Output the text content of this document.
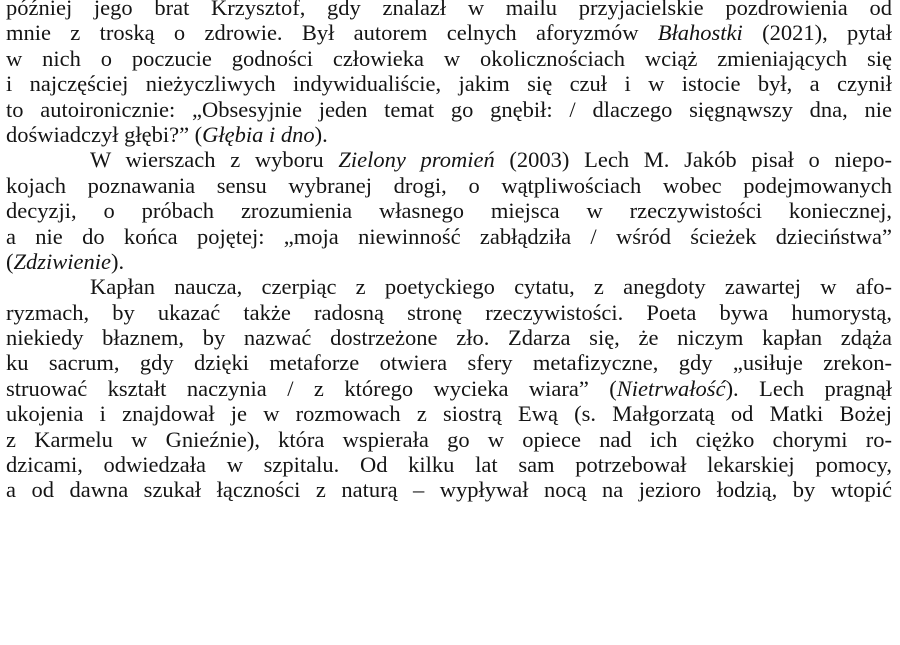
później jego brat Krzysztof, gdy znalazł w mailu przyjacielskie pozdrowienia od
mnie z troską o zdrowie. Był autorem celnych aforyzmów Błahostki (2021), pytał
w nich o poczucie godności człowieka w okolicznościach wciąż zmieniających się
i najczęściej nieżyczliwych indywidualiście, jakim się czuł i w istocie był, a czynił
to autoironicznie: „Obsesyjnie jeden temat go gnębił: / dlaczego sięgnąwszy dna, nie
doświadczył głębi?” (Głębia i dno).
W wierszach z wyboru Zielony promień (2003) Lech M. Jakób pisał o niepo-
kojach poznawania sensu wybranej drogi, o wątpliwościach wobec podejmowanych
decyzji, o próbach zrozumienia własnego miejsca w rzeczywistości koniecznej,
a nie do końca pojętej: „moja niewinność zabłądziła / wśród ścieżek dzieciństwa”
(Zdziwienie).
Kapłan naucza, czerpiąc z poetyckiego cytatu, z anegdoty zawartej w afo-
ryzmach, by ukazać także radosną stronę rzeczywistości. Poeta bywa humorystą,
niekiedy błaznem, by nazwać dostrzeżone zło. Zdarza się, że niczym kapłan zdąża
ku sacrum, gdy dzięki metaforze otwiera sfery metafizyczne, gdy „usiłuje zrekon-
struować kształt naczynia / z którego wycieka wiara” (Nietrwałość). Lech pragnął
ukojenia i znajdował je w rozmowach z siostrą Ewą (s. Małgorzatą od Matki Bożej
z Karmelu w Gnieźnie), która wspierała go w opiece nad ich ciężko chorymi ro-
dzicami, odwiedzała w szpitalu. Od kilku lat sam potrzebował lekarskiej pomocy,
a od dawna szukał łączności z naturą – wypływał nocą na jezioro łodzią, by wtopić
